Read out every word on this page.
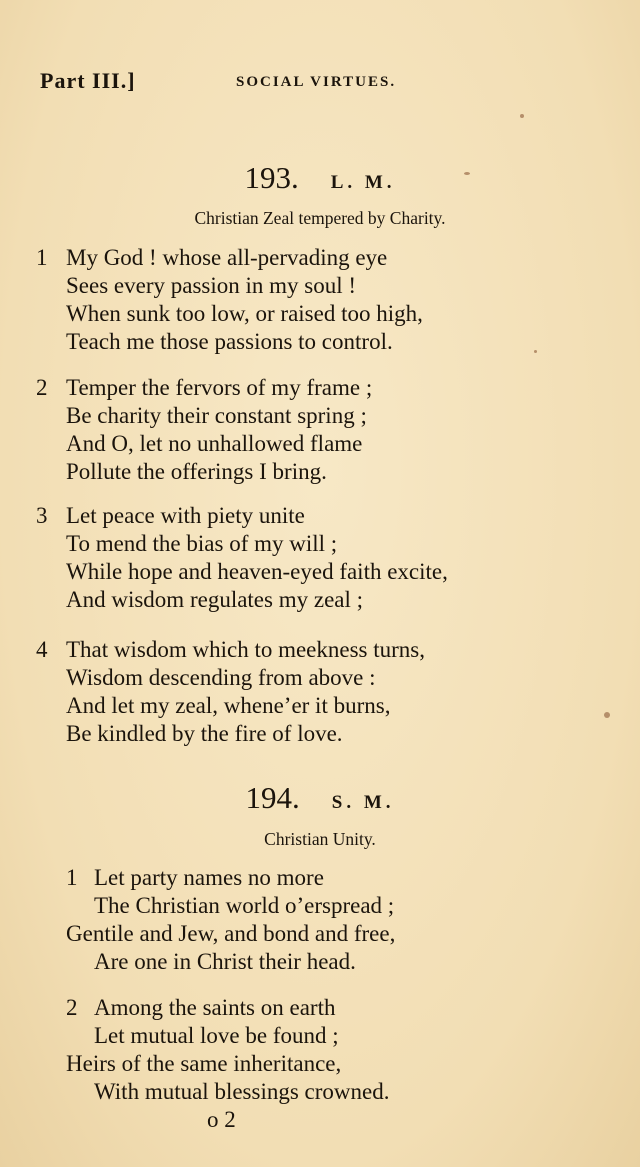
Part III.]	SOCIAL VIRTUES.
193. L. M.
Christian Zeal tempered by Charity.
1 My God ! whose all-pervading eye
Sees every passion in my soul !
When sunk too low, or raised too high,
Teach me those passions to control.
2 Temper the fervors of my frame ;
Be charity their constant spring ;
And O, let no unhallowed flame
Pollute the offerings I bring.
3 Let peace with piety unite
To mend the bias of my will ;
While hope and heaven-eyed faith excite,
And wisdom regulates my zeal ;
4 That wisdom which to meekness turns,
Wisdom descending from above :
And let my zeal, whene’er it burns,
Be kindled by the fire of love.
194. S. M.
Christian Unity.
1 Let party names no more
The Christian world o’erspread ;
Gentile and Jew, and bond and free,
Are one in Christ their head.
2 Among the saints on earth
Let mutual love be found ;
Heirs of the same inheritance,
With mutual blessings crowned.
o 2
